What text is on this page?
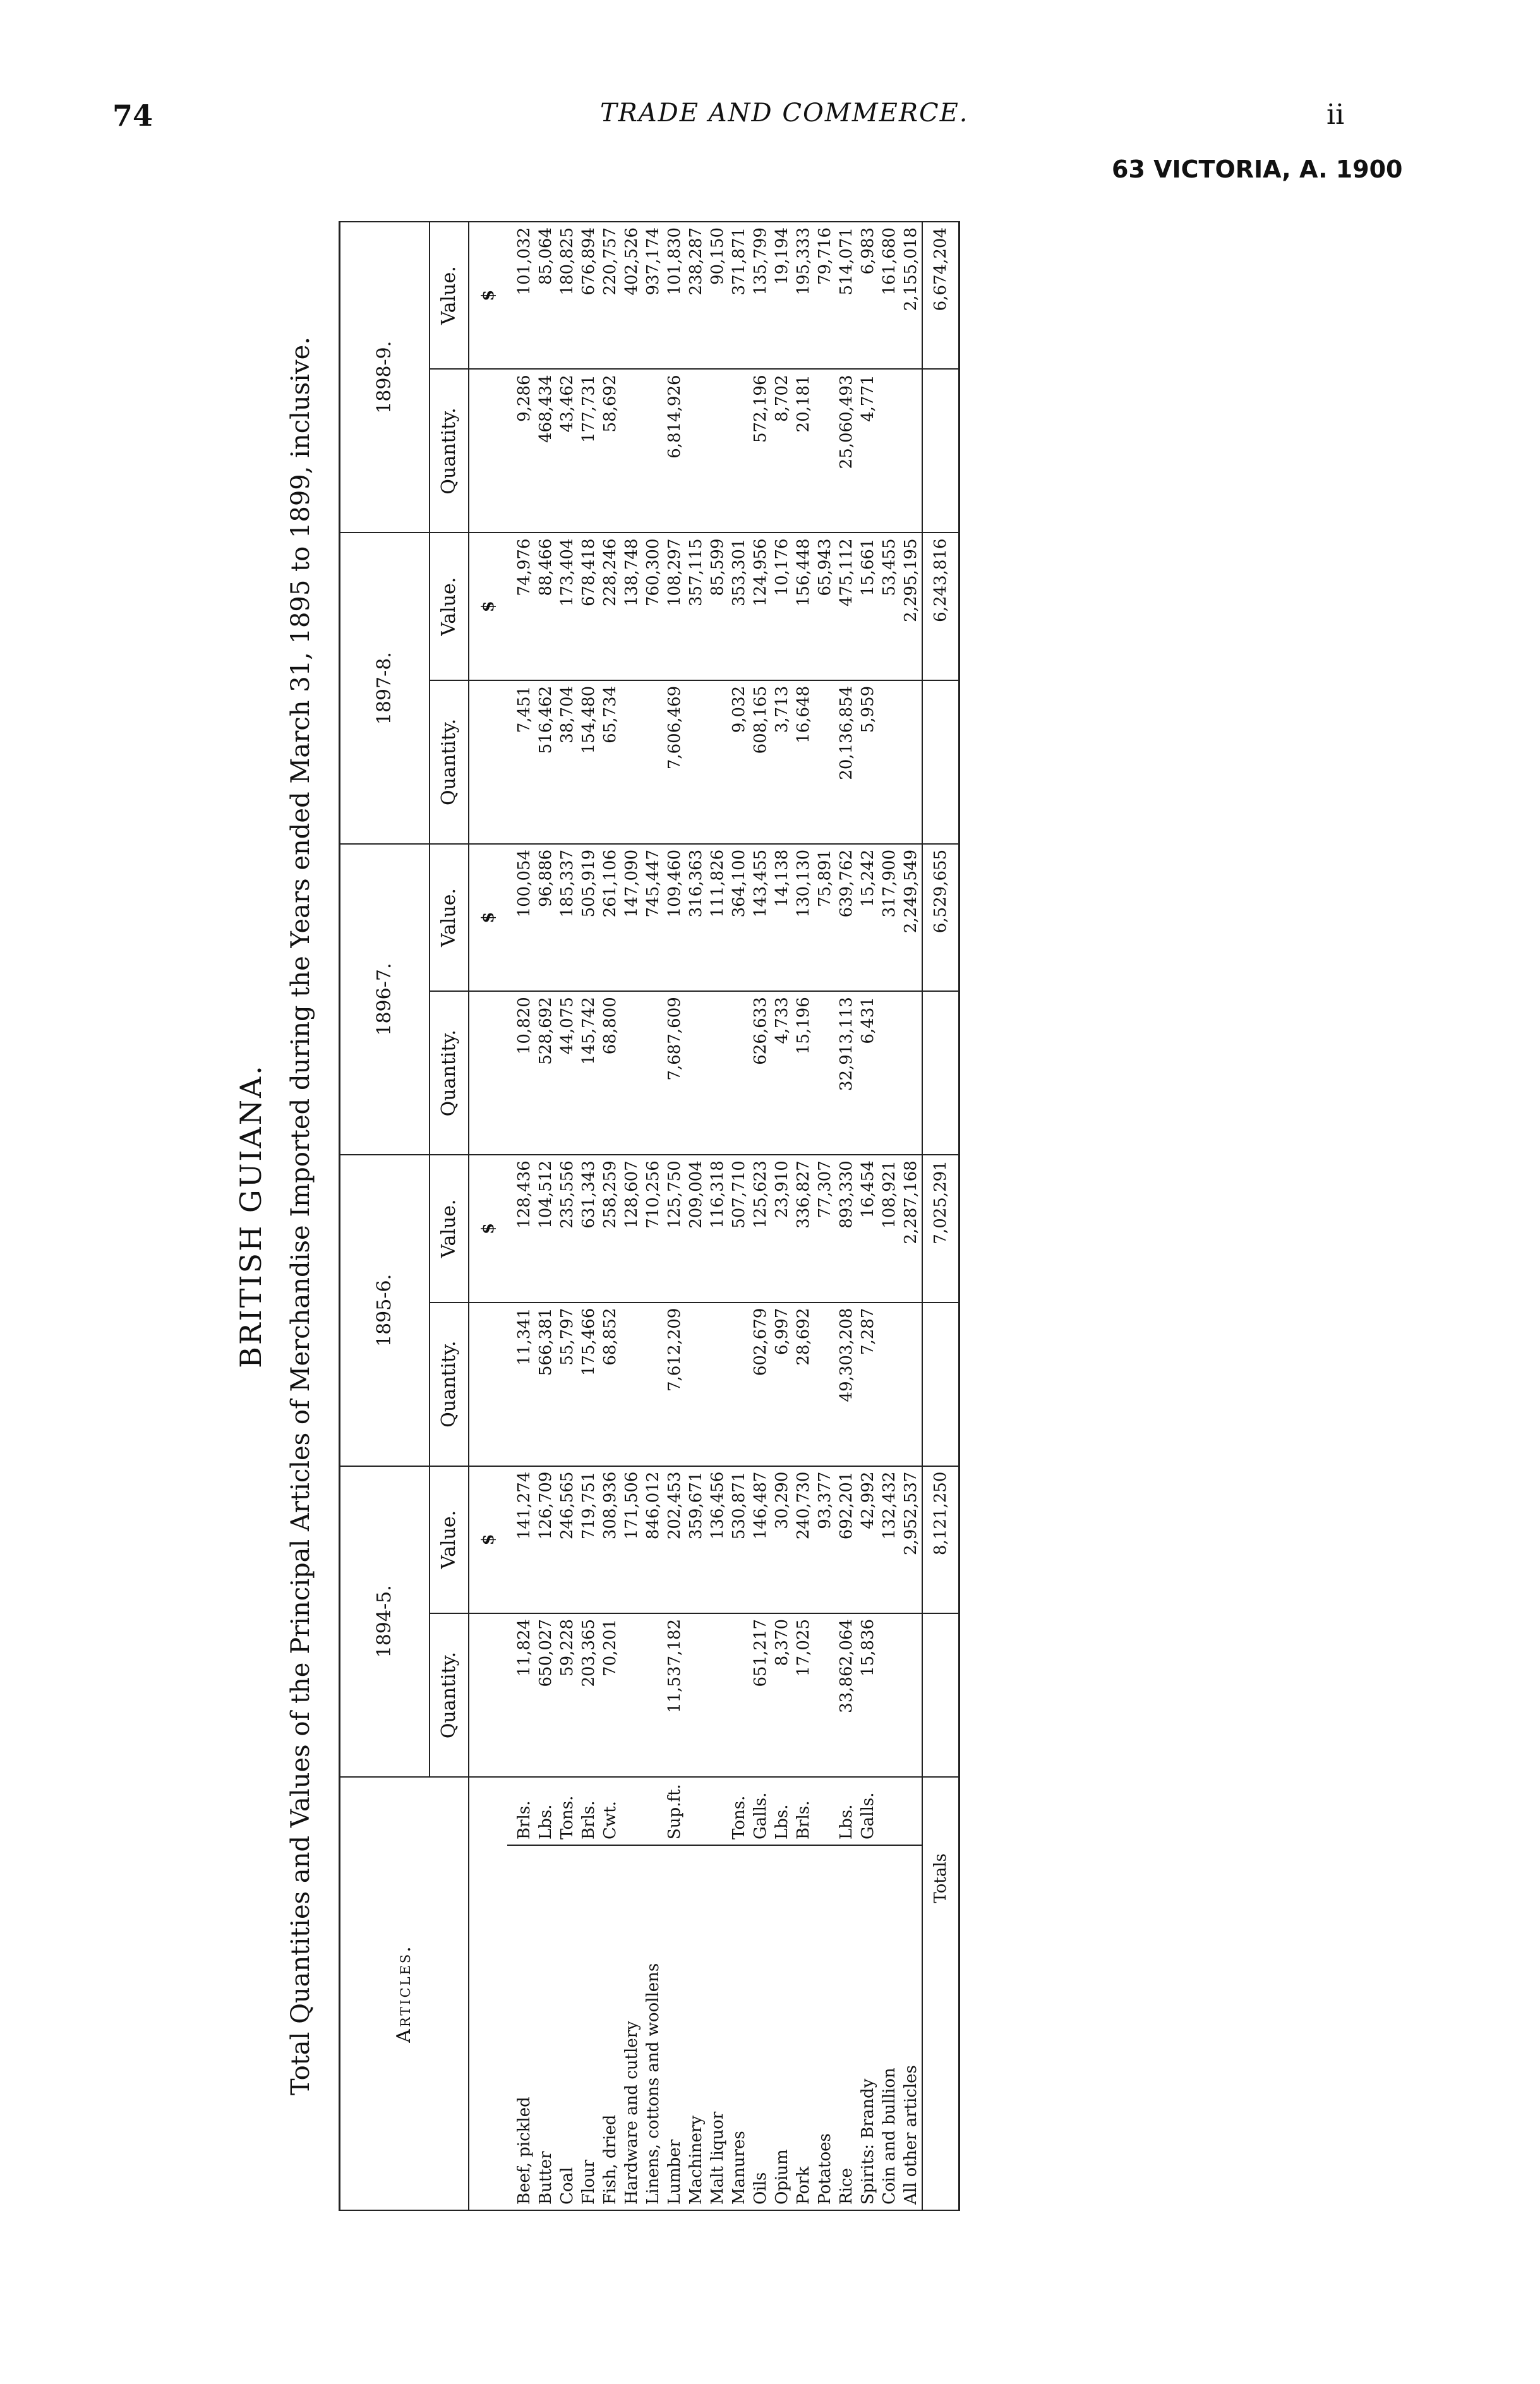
74	TRADE AND COMMERCE.	ii
63 VICTORIA, A. 1900
BRITISH GUIANA. Total Quantities and Values of the Principal Articles of Merchandise Imported during the Years ended March 31, 1895 to 1899, inclusive.	Articles.		1894-5.		1895-6.		1896-7.		1897-8.		1898-9.	
		Quantity.	Value.	Quantity.	Value.	Quantity.	Value.	Quantity.	Value.	Quantity.	Value.
			$		$		$		$		$
Beef, pickled	Brls.	11,824	141,274	11,341	128,436	10,820	100,054	7,451	74,976	9,286	101,032
Butter	Lbs.	650,027	126,709	566,381	104,512	528,692	96,886	516,462	88,466	468,434	85,064
Coal	Tons.	59,228	246,565	55,797	235,556	44,075	185,337	38,704	173,404	43,462	180,825
Flour	Brls.	203,365	719,751	175,466	631,343	145,742	505,919	154,480	678,418	177,731	676,894
Fish, dried	Cwt.	70,201	308,936	68,852	258,259	68,800	261,106	65,734	228,246	58,692	220,757
Hardware and cutlery			171,506		128,607		147,090		138,748		402,526
Linens, cottons and woollens			846,012		710,256		745,447		760,300		937,174
Lumber	Sup.ft.	11,537,182	202,453	7,612,209	125,750	7,687,609	109,460	7,606,469	108,297	6,814,926	101,830
Machinery			359,671		209,004		316,363		357,115		238,287
Malt liquor			136,456		116,318		111,826		85,599		90,150
Manures	Tons.		530,871		507,710		364,100	9,032	353,301		371,871
Oils	Galls.	651,217	146,487	602,679	125,623	626,633	143,455	608,165	124,956	572,196	135,799
Opium	Lbs.	8,370	30,290	6,997	23,910	4,733	14,138	3,713	10,176	8,702	19,194
Pork	Brls.	17,025	240,730	28,692	336,827	15,196	130,130	16,648	156,448	20,181	195,333
Potatoes			93,377		77,307		75,891		65,943		79,716
Rice	Lbs.	33,862,064	692,201	49,303,208	893,330	32,913,113	639,762	20,136,854	475,112	25,060,493	514,071
Spirits: Brandy	Galls.	15,836	42,992	7,287	16,454	6,431	15,242	5,959	15,661	4,771	6,983
Coin and bullion			132,432		108,921		317,900		53,455		161,680
All other articles			2,952,537		2,287,168		2,249,549		2,295,195		2,155,018
Totals			8,121,250		7,025,291		6,529,655		6,243,816		6,674,204
